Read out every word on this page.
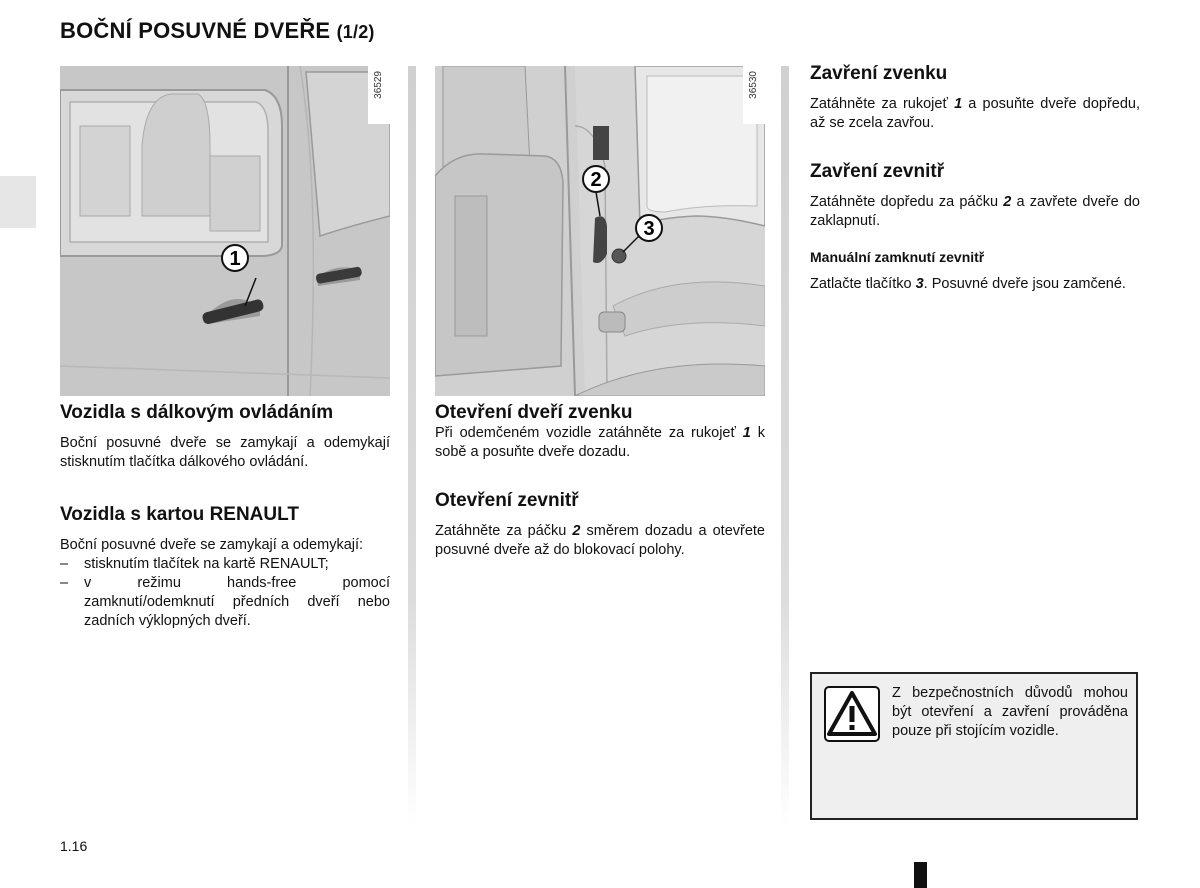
BOČNÍ POSUVNÉ DVEŘE (1/2)
1
36529
2
3
36530
Vozidla s dálkovým ovládáním

Boční posuvné dveře se zamykají a odemykají stisknutím tlačítka dálkového ovládání.

Vozidla s kartou RENAULT

Boční posuvné dveře se zamykají a odemykají:

– stisknutím tlačítek na kartě RENAULT;
– v režimu hands-free pomocí zamknutí/odemknutí předních dveří nebo zadních výklopných dveří.
Otevření dveří zvenku

Při odemčeném vozidle zatáhněte za rukojeť 1 k sobě a posuňte dveře dozadu.

Otevření zevnitř

Zatáhněte za páčku 2 směrem dozadu a otevřete posuvné dveře až do blokovací polohy.

Zavření zvenku

Zatáhněte za rukojeť 1 a posuňte dveře dopředu, až se zcela zavřou.

Zavření zevnitř

Zatáhněte dopředu za páčku 2 a zavřete dveře do zaklapnutí.

Manuální zamknutí zevnitř

Zatlačte tlačítko 3. Posuvné dveře jsou zamčené.

Z bezpečnostních důvodů mohou být otevření a zavření prováděna pouze při stojícím vozidle.
1.16
